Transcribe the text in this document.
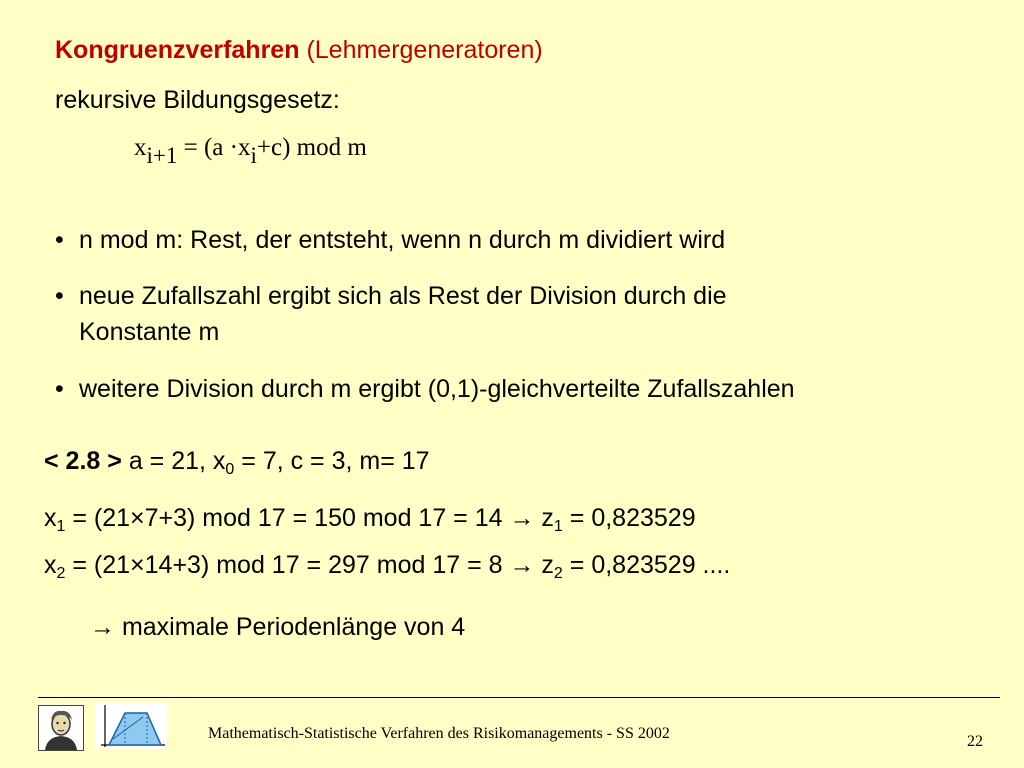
Kongruenzverfahren (Lehmergeneratoren)
rekursive Bildungsgesetz:
$x_{i+1} = (a \cdot x_i+c)$ mod m
• n mod m: Rest, der entsteht, wenn n durch m dividiert wird
• neue Zufallszahl ergibt sich als Rest der Division durch die
Konstante m
• weitere Division durch m ergibt (0,1)-gleichverteilte Zufallszahlen
< 2.8 > a = 21, $x_0 = 7$, c = 3, m= 17
$x_1 = (21\times 7+3)$ mod 17 = 150 mod $17 = 14 \to z_1 = 0,823529$
$x_2 = (21\times 14+3)$ mod 17 = 297 mod $17 = 8 \to z_2 = 0,823529$ ....
→ maximale Periodenlänge von 4
Mathematisch-Statistische Verfahren des Risikomanagements - SS 2002	22
